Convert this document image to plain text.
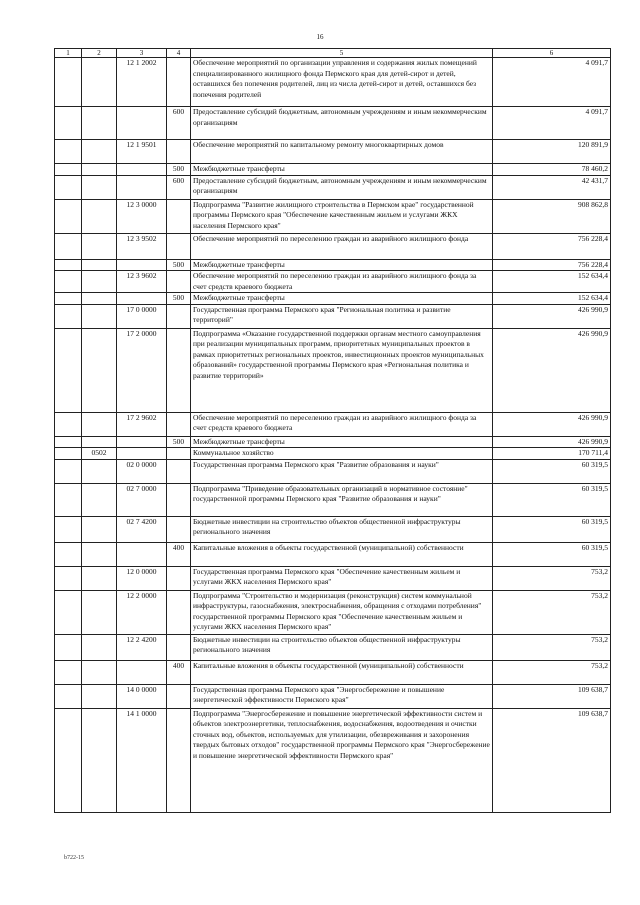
16
1	2	3	4	5	6
		12 1 2002		Обеспечение мероприятий по организации управления и содержания жилых помещений специализированного жилищного фонда Пермского края для детей-сирот и детей, оставшихся без попечения родителей, лиц из числа детей-сирот и детей, оставшихся без попечения родителей	4 091,7
			600	Предоставление субсидий бюджетным, автономным учреждениям и иным некоммерческим организациям	4 091,7
		12 1 9501		Обеспечение мероприятий по капитальному ремонту многоквартирных домов	120 891,9
			500	Межбюджетные трансферты	78 460,2
			600	Предоставление субсидий бюджетным, автономным учреждениям и иным некоммерческим организациям	42 431,7
		12 3 0000		Подпрограмма "Развитие жилищного строительства в Пермском крае" государственной программы Пермского края "Обеспечение качественным жильем и услугами ЖКХ населения Пермского края"	908 862,8
		12 3 9502		Обеспечение мероприятий по переселению граждан из аварийного жилищного фонда	756 228,4
			500	Межбюджетные трансферты	756 228,4
		12 3 9602		Обеспечение мероприятий по переселению граждан из аварийного жилищного фонда за счет средств краевого бюджета	152 634,4
			500	Межбюджетные трансферты	152 634,4
		17 0 0000		Государственная программа Пермского края "Региональная политика и развитие территорий"	426 990,9
		17 2 0000		Подпрограмма «Оказание государственной поддержки органам местного самоуправления при реализации муниципальных программ, приоритетных муниципальных проектов в рамках приоритетных региональных проектов, инвестиционных проектов муниципальных образований» государственной программы Пермского края «Региональная политика и развитие территорий»	426 990,9
		17 2 9602		Обеспечение мероприятий по переселению граждан из аварийного жилищного фонда за счет средств краевого бюджета	426 990,9
			500	Межбюджетные трансферты	426 990,9
	0502			Коммунальное хозяйство	170 711,4
		02 0 0000		Государственная программа Пермского края "Развитие образования и науки"	60 319,5
		02 7 0000		Подпрограмма "Приведение образовательных организаций в нормативное состояние" государственной программы Пермского края "Развитие образования и науки"	60 319,5
		02 7 4200		Бюджетные инвестиции на строительство объектов общественной инфраструктуры регионального значения	60 319,5
			400	Капитальные вложения в объекты государственной (муниципальной) собственности	60 319,5
		12 0 0000		Государственная программа Пермского края "Обеспечение качественным жильем и услугами ЖКХ населения Пермского края"	753,2
		12 2 0000		Подпрограмма "Строительство и модернизация (реконструкция) систем коммунальной инфраструктуры, газоснабжения, электроснабжения, обращения с отходами потребления" государственной программы Пермского края "Обеспечение качественным жильем и услугами ЖКХ населения Пермского края"	753,2
		12 2 4200		Бюджетные инвестиции на строительство объектов общественной инфраструктуры регионального значения	753,2
			400	Капитальные вложения в объекты государственной (муниципальной) собственности	753,2
		14 0 0000		Государственная программа Пермского края "Энергосбережение и повышение энергетической эффективности Пермского края"	109 638,7
		14 1 0000		Подпрограмма "Энергосбережение и повышение энергетической эффективности систем и объектов электроэнергетики, теплоснабжения, водоснабжения, водоотведения и очистки сточных вод, объектов, используемых для утилизации, обезвреживания и захоронения твердых бытовых отходов" государственной программы Пермского края "Энергосбережение и повышение энергетической эффективности Пермского края"	109 638,7
b722-15
